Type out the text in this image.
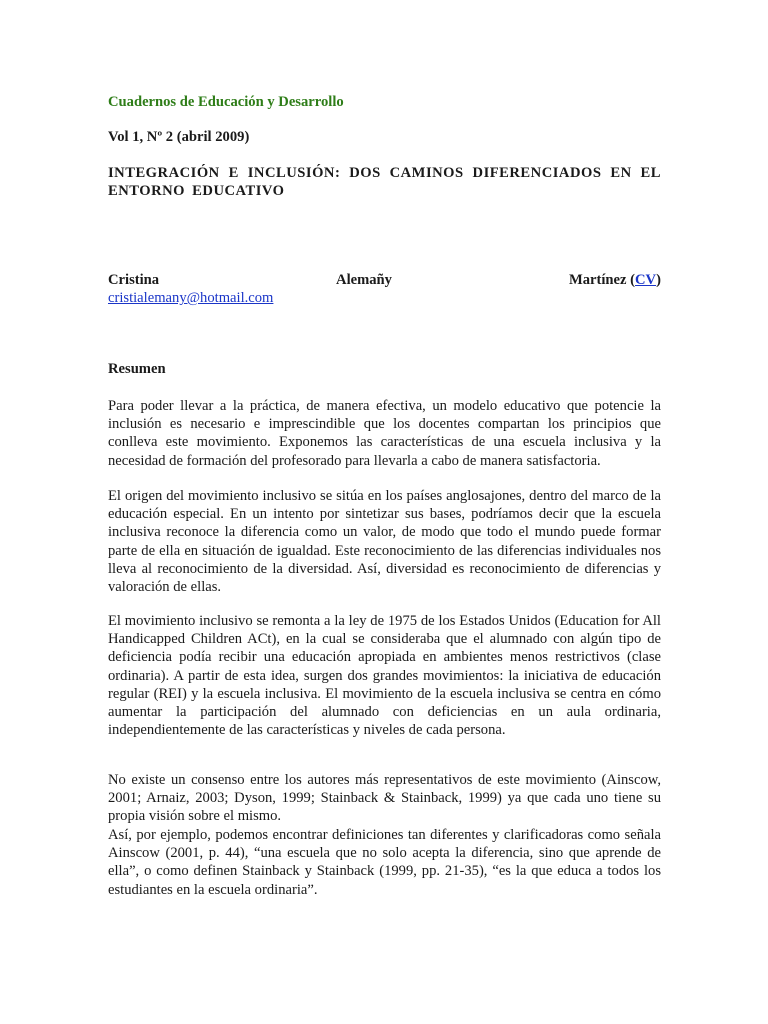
Cuadernos de Educación y Desarrollo

Vol 1, Nº 2 (abril 2009)

INTEGRACIÓN E INCLUSIÓN: DOS CAMINOS DIFERENCIADOS EN EL ENTORNO EDUCATIVO

Cristina	Alemañy	Martínez (CV)
cristialemany@hotmail.com

Resumen

Para poder llevar a la práctica, de manera efectiva, un modelo educativo que potencie la inclusión es necesario e imprescindible que los docentes compartan los principios que conlleva este movimiento. Exponemos las características de una escuela inclusiva y la necesidad de formación del profesorado para llevarla a cabo de manera satisfactoria.

El origen del movimiento inclusivo se sitúa en los países anglosajones, dentro del marco de la educación especial. En un intento por sintetizar sus bases, podríamos decir que la escuela inclusiva reconoce la diferencia como un valor, de modo que todo el mundo puede formar parte de ella en situación de igualdad. Este reconocimiento de las diferencias individuales nos lleva al reconocimiento de la diversidad. Así, diversidad es reconocimiento de diferencias y valoración de ellas.

El movimiento inclusivo se remonta a la ley de 1975 de los Estados Unidos (Education for All Handicapped Children ACt), en la cual se consideraba que el alumnado con algún tipo de deficiencia podía recibir una educación apropiada en ambientes menos restrictivos (clase ordinaria). A partir de esta idea, surgen dos grandes movimientos: la iniciativa de educación regular (REI) y la escuela inclusiva. El movimiento de la escuela inclusiva se centra en cómo aumentar la participación del alumnado con deficiencias en un aula ordinaria, independientemente de las características y niveles de cada persona.

No existe un consenso entre los autores más representativos de este movimiento (Ainscow, 2001; Arnaiz, 2003; Dyson, 1999; Stainback & Stainback, 1999) ya que cada uno tiene su propia visión sobre el mismo.

Así, por ejemplo, podemos encontrar definiciones tan diferentes y clarificadoras como señala Ainscow (2001, p. 44), “una escuela que no solo acepta la diferencia, sino que aprende de ella”, o como definen Stainback y Stainback (1999, pp. 21-35), “es la que educa a todos los estudiantes en la escuela ordinaria”.
